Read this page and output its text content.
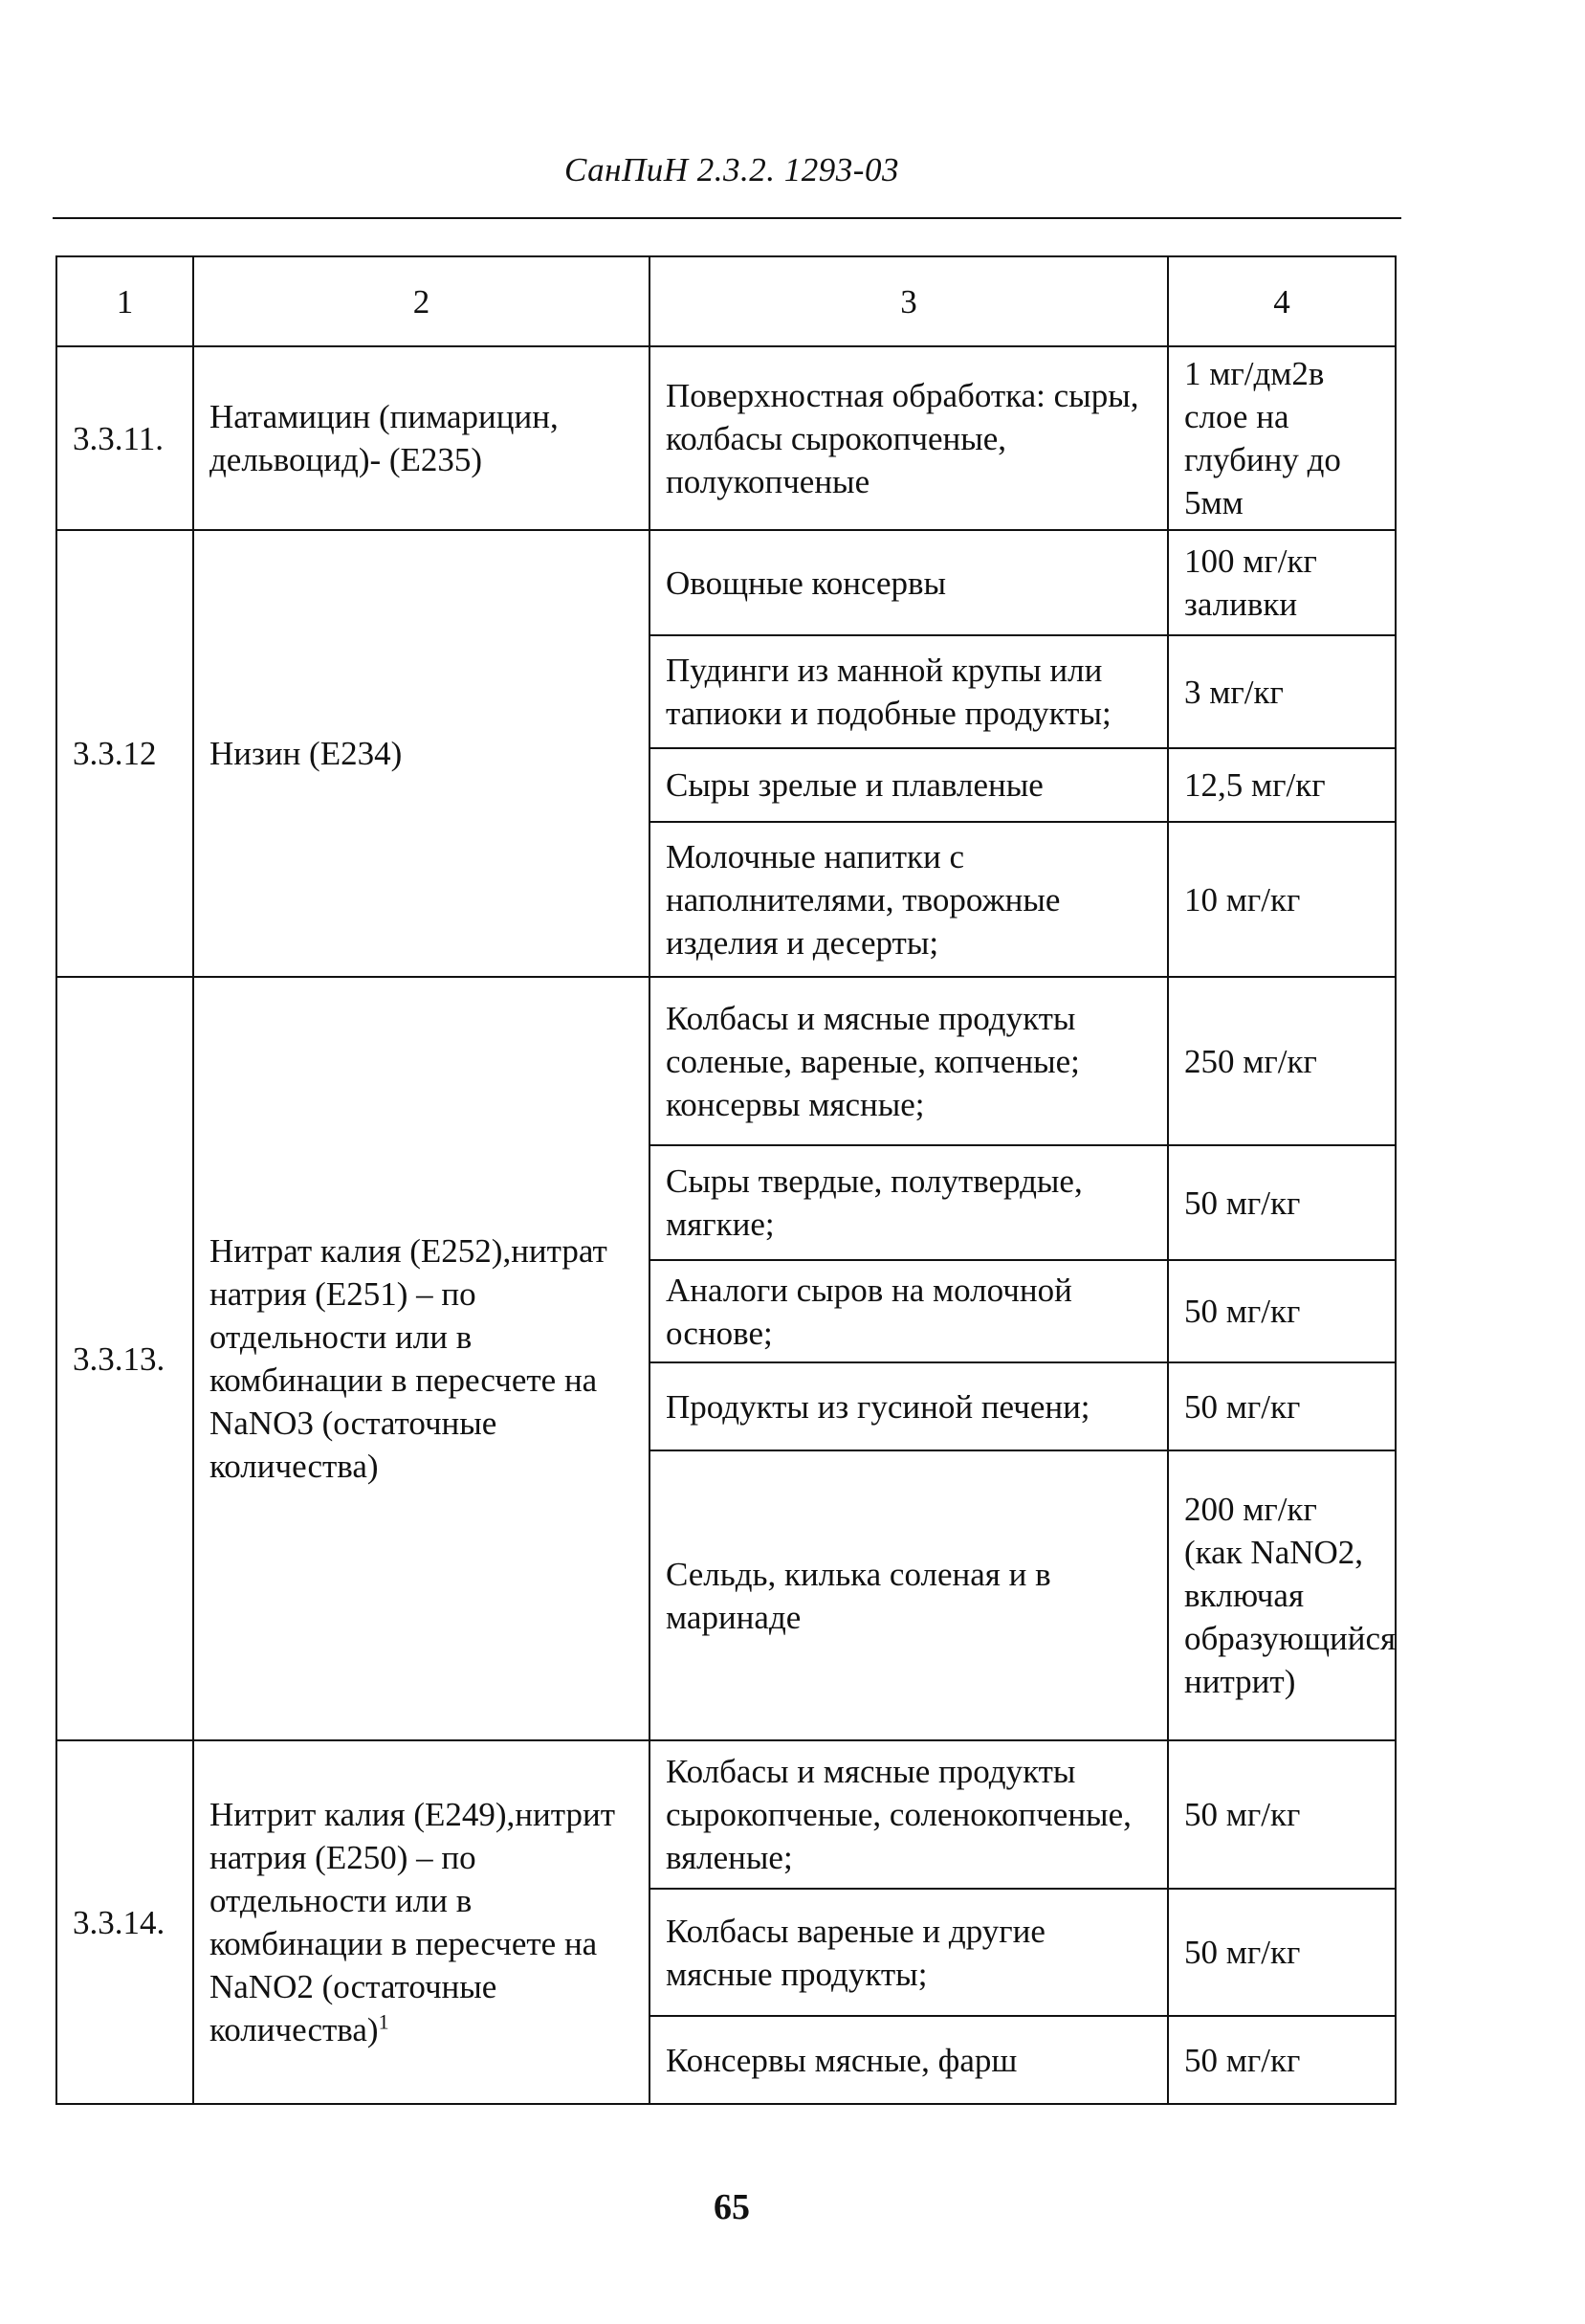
СанПиН 2.3.2. 1293-03
1	2	3	4
3.3.11.	Натамицин (пимарицин, дельвоцид)- (Е235)	Поверхностная обработка: сыры, колбасы сырокопченые, полукопченые	1 мг/дм2в слое на глубину до 5мм
3.3.12	Низин (Е234)	Овощные консервы	100 мг/кг заливки
		Пудинги из манной крупы или тапиоки и подобные продукты;	3 мг/кг
		Сыры зрелые и плавленые	12,5 мг/кг
		Молочные напитки с наполнителями, творожные изделия и десерты;	10 мг/кг
3.3.13.	Нитрат калия (Е252),нитрат натрия (Е251) – по отдельности или в комбинации в пересчете на NaNO3 (остаточные количества)	Колбасы и мясные продукты соленые, вареные, копченые; консервы мясные;	250 мг/кг
		Сыры твердые, полутвердые, мягкие;	50 мг/кг
		Аналоги сыров на молочной основе;	50 мг/кг
		Продукты из гусиной печени;	50 мг/кг
		Сельдь, килька соленая и в маринаде	200 мг/кг (как NaNO2, включая образующийся нитрит)
3.3.14.	Нитрит калия (Е249),нитрит натрия (Е250) – по отдельности или в комбинации в пересчете на NaNO2 (остаточные количества)$^1$	Колбасы и мясные продукты сырокопченые, соленокопченые, вяленые;	50 мг/кг
		Колбасы вареные и другие мясные продукты;	50 мг/кг
		Консервы мясные, фарш	50 мг/кг
65
